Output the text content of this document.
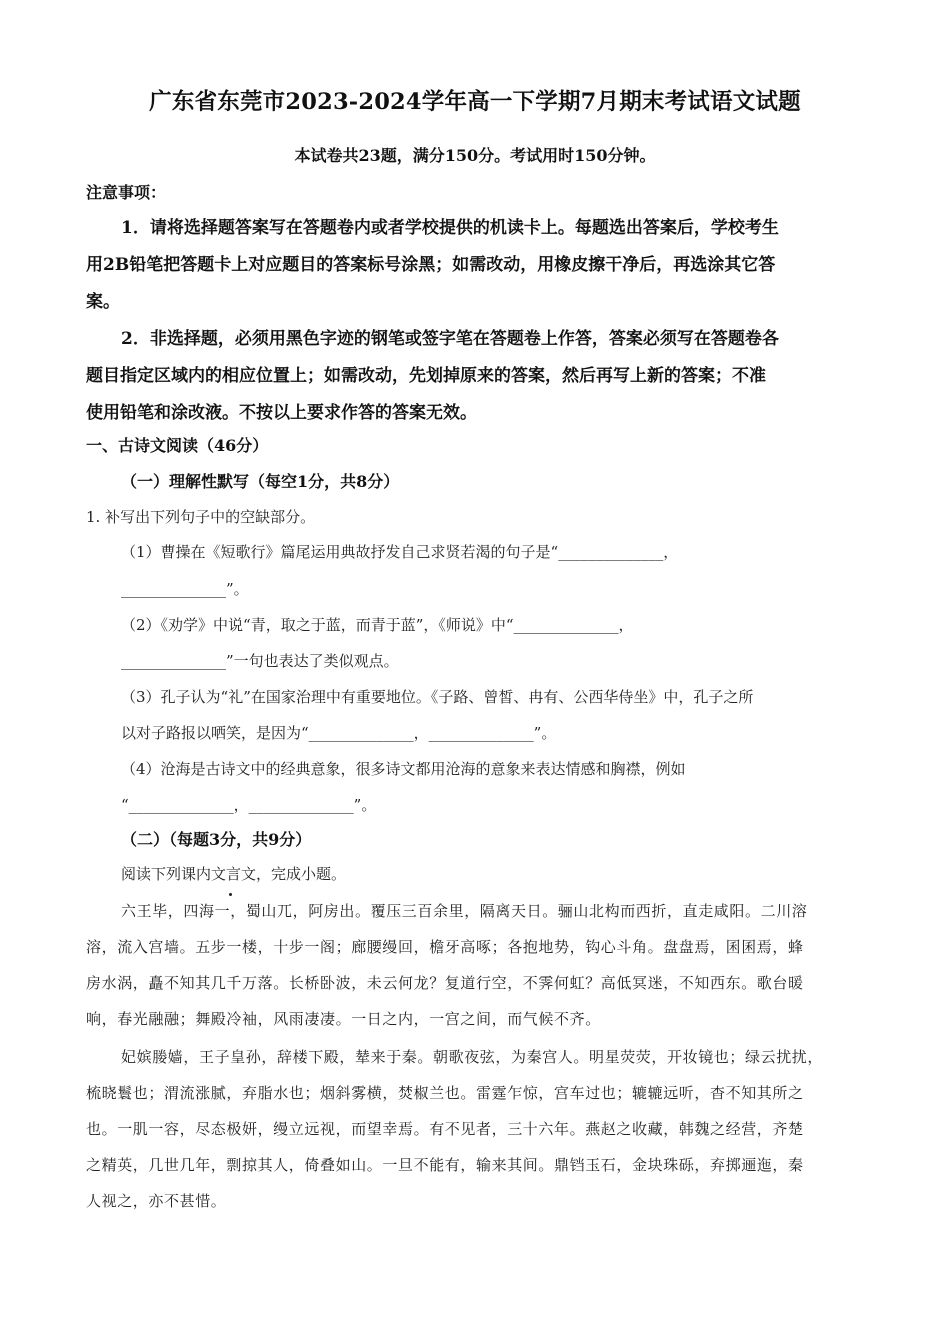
广东省东莞市2023-2024学年高一下学期7月期末考试语文试题
本试卷共23题，满分150分。考试用时150分钟。
注意事项：
1．请将选择题答案写在答题卷内或者学校提供的机读卡上。每题选出答案后，学校考生
用2B铅笔把答题卡上对应题目的答案标号涂黑；如需改动，用橡皮擦干净后，再选涂其它答
案。
2．非选择题，必须用黑色字迹的钢笔或签字笔在答题卷上作答，答案必须写在答题卷各
题目指定区域内的相应位置上；如需改动，先划掉原来的答案，然后再写上新的答案；不准
使用铅笔和涂改液。不按以上要求作答的答案无效。
一、古诗文阅读（46分）
（一）理解性默写（每空1分，共8分）
1. 补写出下列句子中的空缺部分。
（1）曹操在《短歌行》篇尾运用典故抒发自己求贤若渴的句子是“______________，
______________”。
（2）《劝学》中说“青，取之于蓝，而青于蓝”，《师说》中“______________，
______________”一句也表达了类似观点。
（3）孔子认为“礼”在国家治理中有重要地位。《子路、曾皙、冉有、公西华侍坐》中，孔子之所
以对子路报以哂笑，是因为“______________，______________”。
（4）沧海是古诗文中的经典意象，很多诗文都用沧海的意象来表达情感和胸襟，例如
“______________，______________”。
（二）（每题3分，共9分）
阅读下列课内文言文，完成小题。
六王毕，四海一，蜀山兀，阿房出。覆压三百余里，隔离天日。骊山北构而西折，直走咸阳。二川溶
溶，流入宫墙。五步一楼，十步一阁；廊腰缦回，檐牙高啄；各抱地势，钩心斗角。盘盘焉，囷囷焉，蜂
房水涡，矗不知其几千万落。长桥卧波，未云何龙？复道行空，不霁何虹？高低冥迷，不知西东。歌台暖
响，春光融融；舞殿冷袖，风雨凄凄。一日之内，一宫之间，而气候不齐。
妃嫔媵嫱，王子皇孙，辞楼下殿，辇来于秦。朝歌夜弦，为秦宫人。明星荧荧，开妆镜也；绿云扰扰，
梳晓鬟也；渭流涨腻，弃脂水也；烟斜雾横，焚椒兰也。雷霆乍惊，宫车过也；辘辘远听，杳不知其所之
也。一肌一容，尽态极妍，缦立远视，而望幸焉。有不见者，三十六年。燕赵之收藏，韩魏之经营，齐楚
之精英，几世几年，剽掠其人，倚叠如山。一旦不能有，输来其间。鼎铛玉石，金块珠砾，弃掷逦迤，秦
人视之，亦不甚惜。
